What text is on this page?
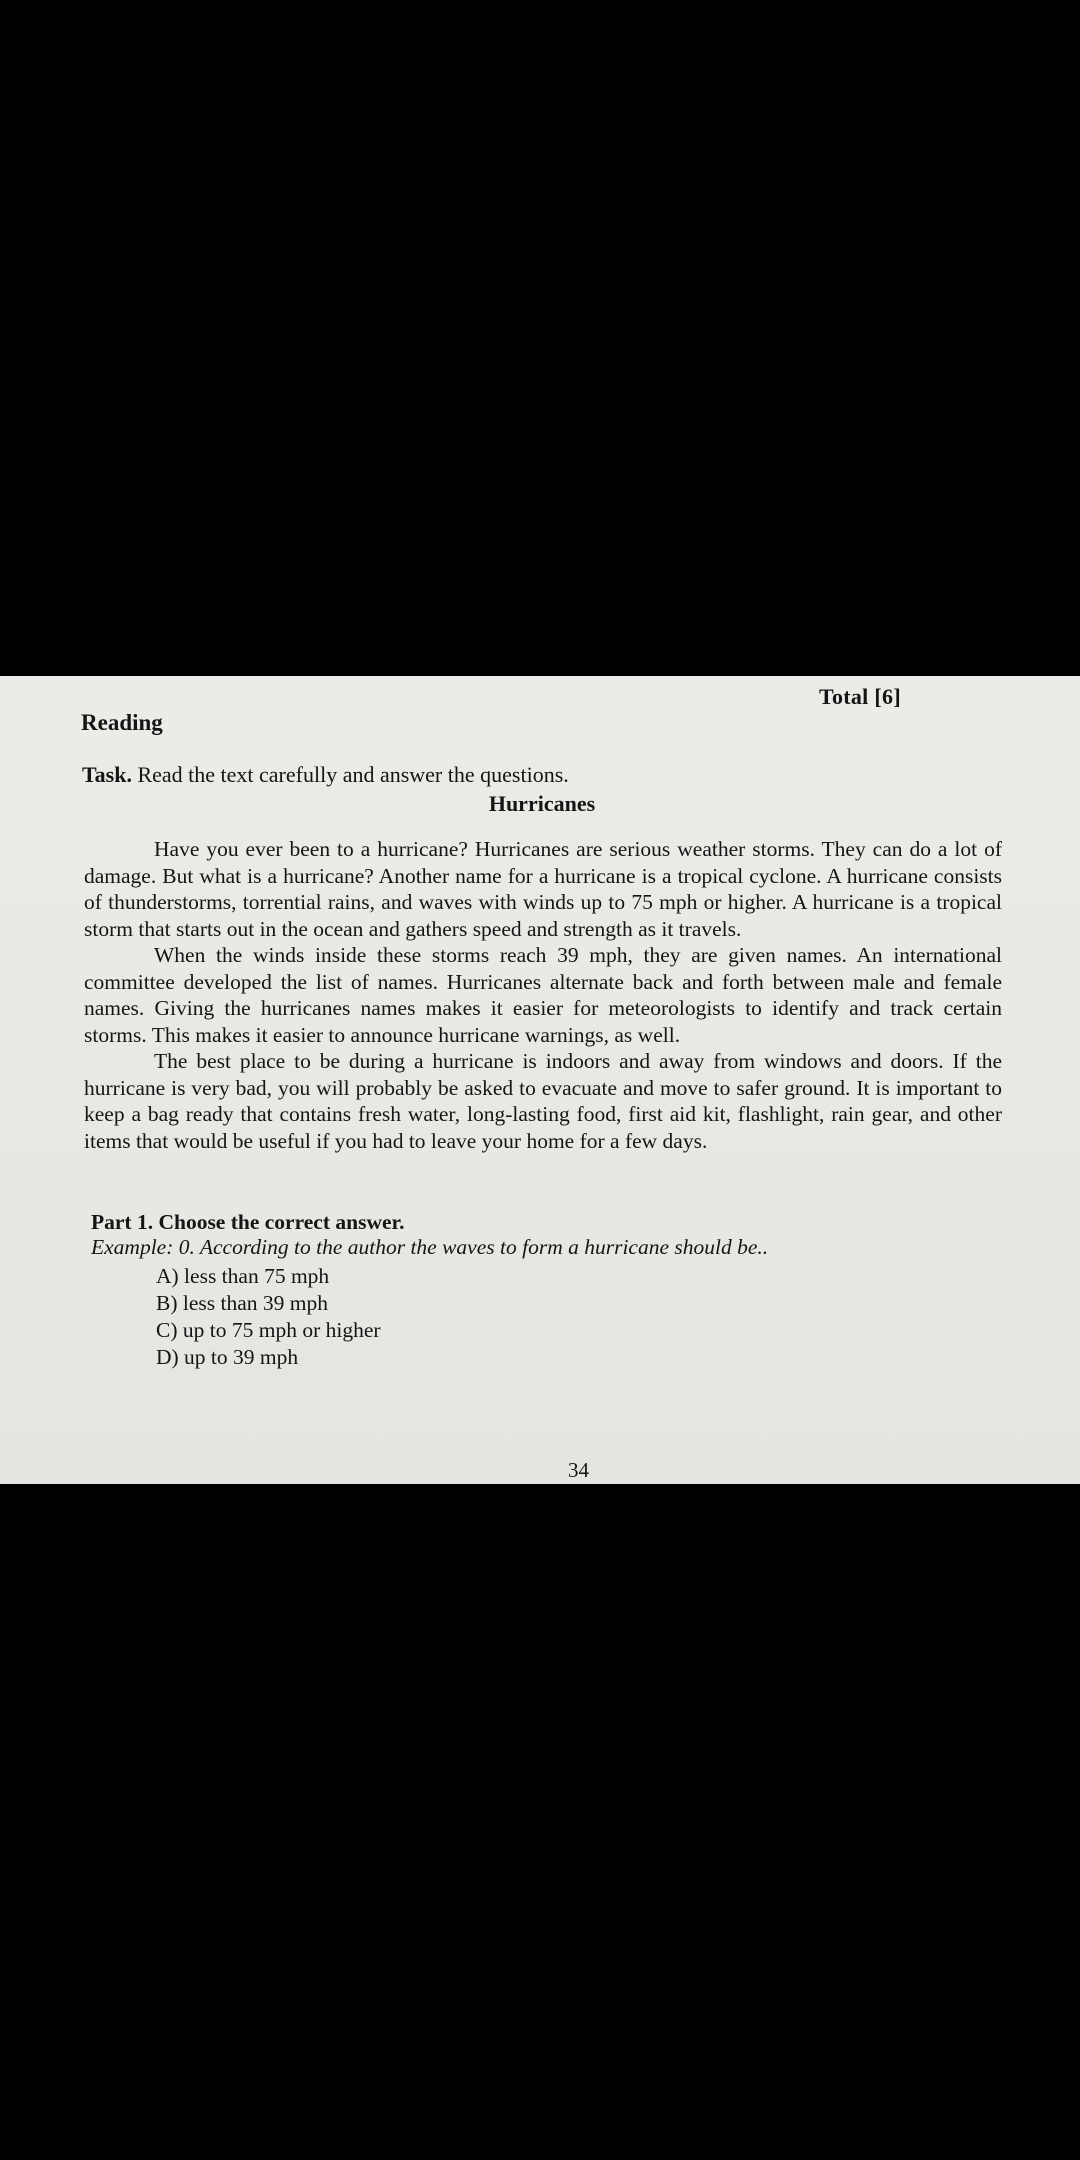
Total [6]
Reading
Task. Read the text carefully and answer the questions.
Hurricanes

Have you ever been to a hurricane? Hurricanes are serious weather storms. They can do a lot of damage. But what is a hurricane? Another name for a hurricane is a tropical cyclone. A hurricane consists of thunderstorms, torrential rains, and waves with winds up to 75 mph or higher. A hurricane is a tropical storm that starts out in the ocean and gathers speed and strength as it travels.

When the winds inside these storms reach 39 mph, they are given names. An international committee developed the list of names. Hurricanes alternate back and forth between male and female names. Giving the hurricanes names makes it easier for meteorologists to identify and track certain storms. This makes it easier to announce hurricane warnings, as well.

The best place to be during a hurricane is indoors and away from windows and doors. If the hurricane is very bad, you will probably be asked to evacuate and move to safer ground. It is important to keep a bag ready that contains fresh water, long-lasting food, first aid kit, flashlight, rain gear, and other items that would be useful if you had to leave your home for a few days.

Part 1. Choose the correct answer.
Example: 0. According to the author the waves to form a hurricane should be..
A) less than 75 mph
B) less than 39 mph
C) up to 75 mph or higher
D) up to 39 mph
34
